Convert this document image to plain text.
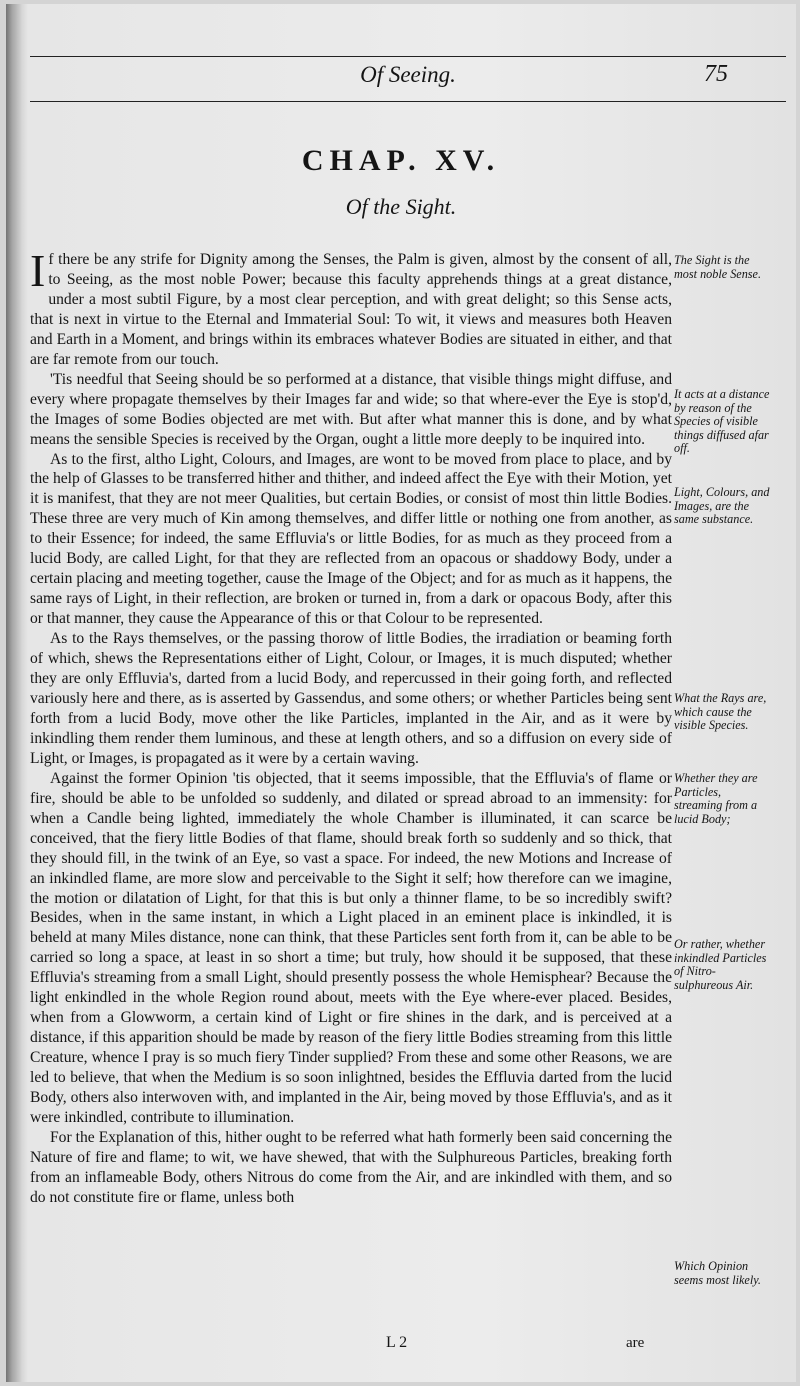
Of Seeing.	75
CHAP. XV.
Of the Sight.

If there be any strife for Dignity among the Senses, the Palm is given, almost by the consent of all, to Seeing, as the most noble Power; because this faculty apprehends things at a great distance, under a most subtil Figure, by a most clear perception, and with great delight; so this Sense acts, that is next in virtue to the Eternal and Immaterial Soul: To wit, it views and measures both Heaven and Earth in a Moment, and brings within its embraces whatever Bodies are situated in either, and that are far remote from our touch.

'Tis needful that Seeing should be so performed at a distance, that visible things might diffuse, and every where propagate themselves by their Images far and wide; so that where-ever the Eye is stop'd, the Images of some Bodies objected are met with. But after what manner this is done, and by what means the sensible Species is received by the Organ, ought a little more deeply to be inquired into.

As to the first, altho Light, Colours, and Images, are wont to be moved from place to place, and by the help of Glasses to be transferred hither and thither, and indeed affect the Eye with their Motion, yet it is manifest, that they are not meer Qualities, but certain Bodies, or consist of most thin little Bodies. These three are very much of Kin among themselves, and differ little or nothing one from another, as to their Essence; for indeed, the same Effluvia's or little Bodies, for as much as they proceed from a lucid Body, are called Light, for that they are reflected from an opacous or shaddowy Body, under a certain placing and meeting together, cause the Image of the Object; and for as much as it happens, the same rays of Light, in their reflection, are broken or turned in, from a dark or opacous Body, after this or that manner, they cause the Appearance of this or that Colour to be represented.

As to the Rays themselves, or the passing thorow of little Bodies, the irradiation or beaming forth of which, shews the Representations either of Light, Colour, or Images, it is much disputed; whether they are only Effluvia's, darted from a lucid Body, and repercussed in their going forth, and reflected variously here and there, as is asserted by Gassendus, and some others; or whether Particles being sent forth from a lucid Body, move other the like Particles, implanted in the Air, and as it were by inkindling them render them luminous, and these at length others, and so a diffusion on every side of Light, or Images, is propagated as it were by a certain waving.

Against the former Opinion 'tis objected, that it seems impossible, that the Effluvia's of flame or fire, should be able to be unfolded so suddenly, and dilated or spread abroad to an immensity: for when a Candle being lighted, immediately the whole Chamber is illuminated, it can scarce be conceived, that the fiery little Bodies of that flame, should break forth so suddenly and so thick, that they should fill, in the twink of an Eye, so vast a space. For indeed, the new Motions and Increase of an inkindled flame, are more slow and perceivable to the Sight it self; how therefore can we imagine, the motion or dilatation of Light, for that this is but only a thinner flame, to be so incredibly swift? Besides, when in the same instant, in which a Light placed in an eminent place is inkindled, it is beheld at many Miles distance, none can think, that these Particles sent forth from it, can be able to be carried so long a space, at least in so short a time; but truly, how should it be supposed, that these Effluvia's streaming from a small Light, should presently possess the whole Hemisphear? Because the light enkindled in the whole Region round about, meets with the Eye where-ever placed. Besides, when from a Glowworm, a certain kind of Light or fire shines in the dark, and is perceived at a distance, if this apparition should be made by reason of the fiery little Bodies streaming from this little Creature, whence I pray is so much fiery Tinder supplied? From these and some other Reasons, we are led to believe, that when the Medium is so soon inlightned, besides the Effluvia darted from the lucid Body, others also interwoven with, and implanted in the Air, being moved by those Effluvia's, and as it were inkindled, contribute to illumination.

For the Explanation of this, hither ought to be referred what hath formerly been said concerning the Nature of fire and flame; to wit, we have shewed, that with the Sulphureous Particles, breaking forth from an inflameable Body, others Nitrous do come from the Air, and are inkindled with them, and so do not constitute fire or flame, unless both

The Sight is the most noble Sense.
It acts at a distance by reason of the Species of visible things diffused afar off.
Light, Colours, and Images, are the same substance.
What the Rays are, which cause the visible Species.
Whether they are Particles, streaming from a lucid Body;
Or rather, whether inkindled Particles of Nitro-sulphureous Air.
Which Opinion seems most likely.
L 2	are
